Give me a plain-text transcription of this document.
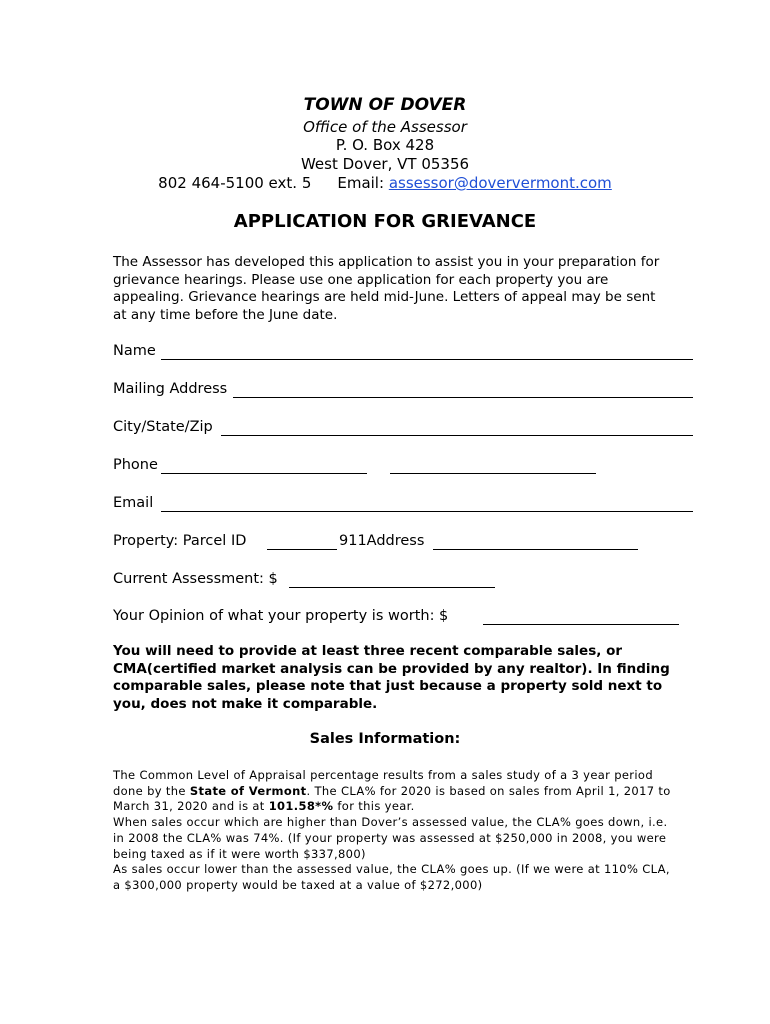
TOWN OF DOVER
Office of the Assessor
P. O. Box 428
West Dover, VT 05356
802 464-5100 ext. 5 Email: assessor@doververmont.com
APPLICATION FOR GRIEVANCE
The Assessor has developed this application to assist you in your preparation for grievance hearings. Please use one application for each property you are appealing. Grievance hearings are held mid-June. Letters of appeal may be sent at any time before the June date.
Name
Mailing Address
City/State/Zip
Phone
Email
Property: Parcel ID	911Address
Current Assessment: $
Your Opinion of what your property is worth: $
You will need to provide at least three recent comparable sales, or CMA(certified market analysis can be provided by any realtor). In finding comparable sales, please note that just because a property sold next to you, does not make it comparable.
Sales Information:
The Common Level of Appraisal percentage results from a sales study of a 3 year period done by the State of Vermont. The CLA% for 2020 is based on sales from April 1, 2017 to March 31, 2020 and is at 101.58*% for this year.
When sales occur which are higher than Dover’s assessed value, the CLA% goes down, i.e. in 2008 the CLA% was 74%. (If your property was assessed at $250,000 in 2008, you were being taxed as if it were worth $337,800)
As sales occur lower than the assessed value, the CLA% goes up. (If we were at 110% CLA, a $300,000 property would be taxed at a value of $272,000)
